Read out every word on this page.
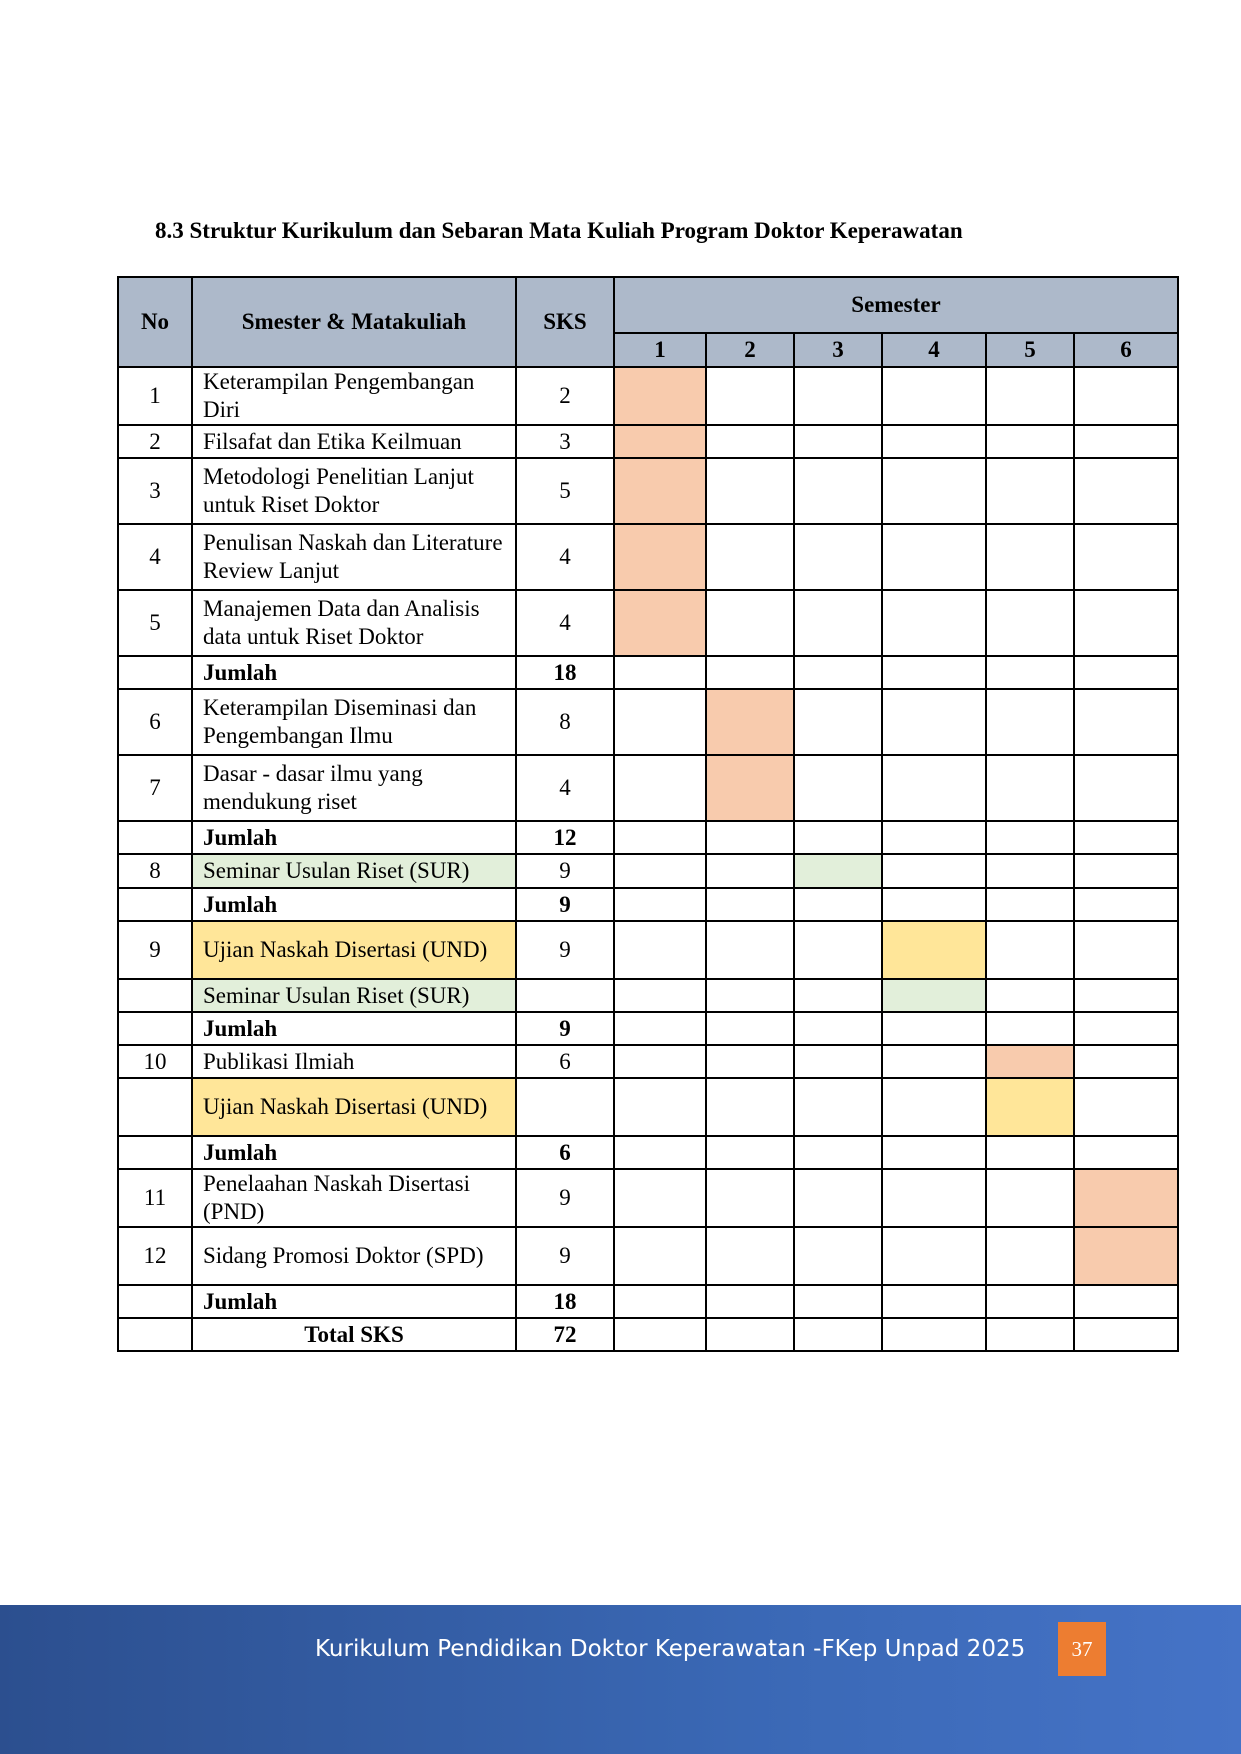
8.3 Struktur Kurikulum dan Sebaran Mata Kuliah Program Doktor Keperawatan
No	Smester & Matakuliah	SKS	Semester					
			1	2	3	4	5	6
1	Keterampilan Pengembangan Diri	2						
2	Filsafat dan Etika Keilmuan	3						
3	Metodologi Penelitian Lanjut untuk Riset Doktor	5						
4	Penulisan Naskah dan Literature Review Lanjut	4						
5	Manajemen Data dan Analisis data untuk Riset Doktor	4						
	Jumlah	18						
6	Keterampilan Diseminasi dan Pengembangan Ilmu	8						
7	Dasar - dasar ilmu yang mendukung riset	4						
	Jumlah	12						
8	Seminar Usulan Riset (SUR)	9						
	Jumlah	9						
9	Ujian Naskah Disertasi (UND)	9						
	Seminar Usulan Riset (SUR)							
	Jumlah	9						
10	Publikasi Ilmiah	6						
	Ujian Naskah Disertasi (UND)							
	Jumlah	6						
11	Penelaahan Naskah Disertasi (PND)	9						
12	Sidang Promosi Doktor (SPD)	9						
	Jumlah	18						
	Total SKS	72						
Kurikulum Pendidikan Doktor Keperawatan -FKep Unpad 2025	37
